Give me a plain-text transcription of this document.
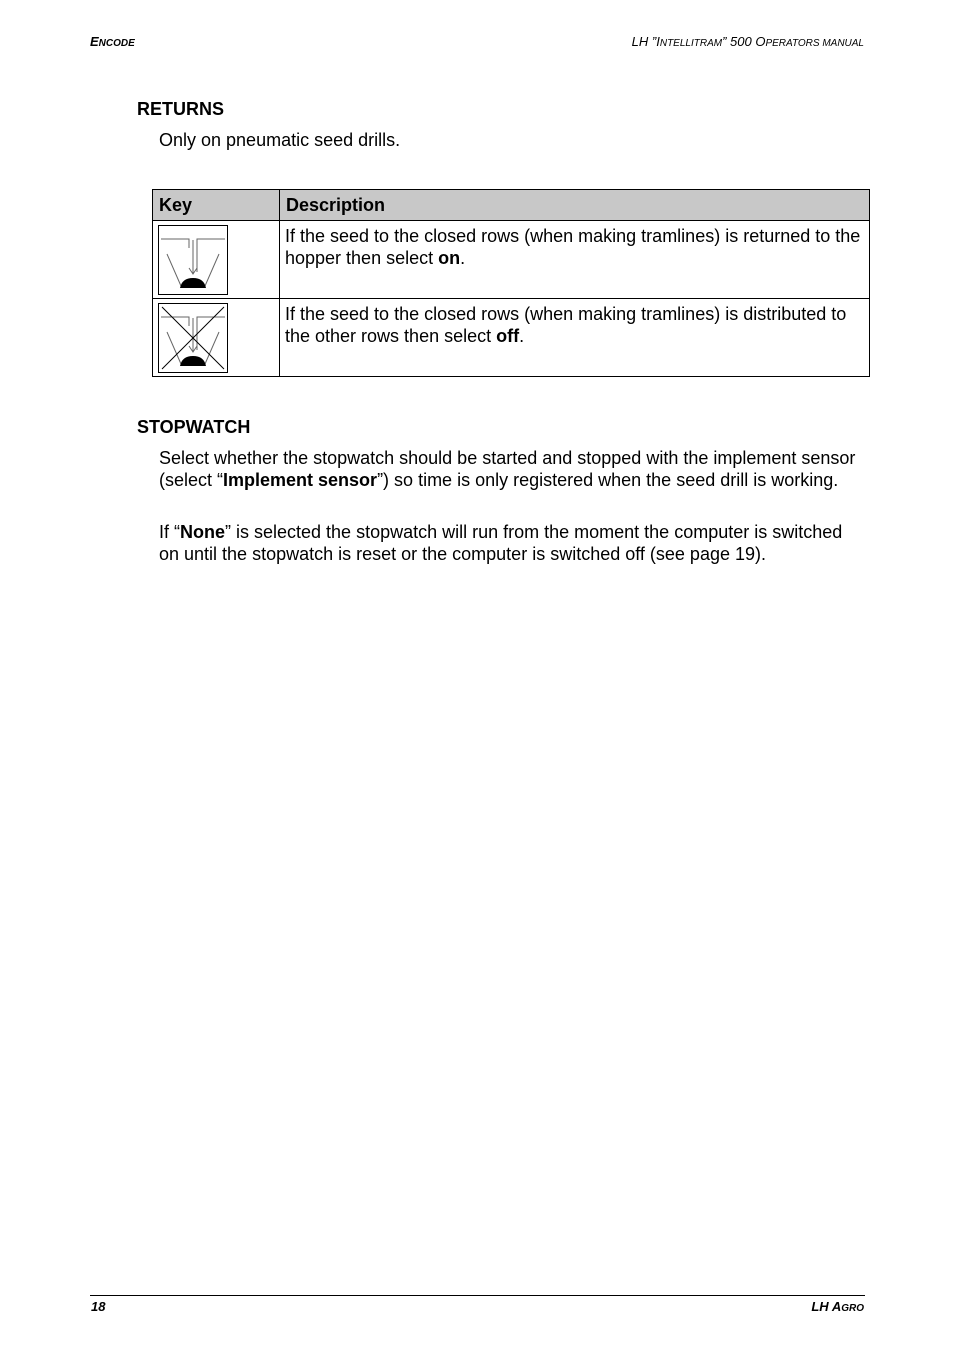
ENCODE	LH ”INTELLITRAM” 500 OPERATORS MANUAL
RETURNS

Only on pneumatic seed drills.

Key	Description

	If the seed to the closed rows (when making tramlines) is returned to the hopper then select on.

	If the seed to the closed rows (when making tramlines) is distributed to the other rows then select off.
STOPWATCH

Select whether the stopwatch should be started and stopped with the implement sensor (select “Implement sensor”) so time is only registered when the seed drill is working.

If “None” is selected the stopwatch will run from the moment the computer is switched on until the stopwatch is reset or the computer is switched off (see page 19).

18	LH AGRO
